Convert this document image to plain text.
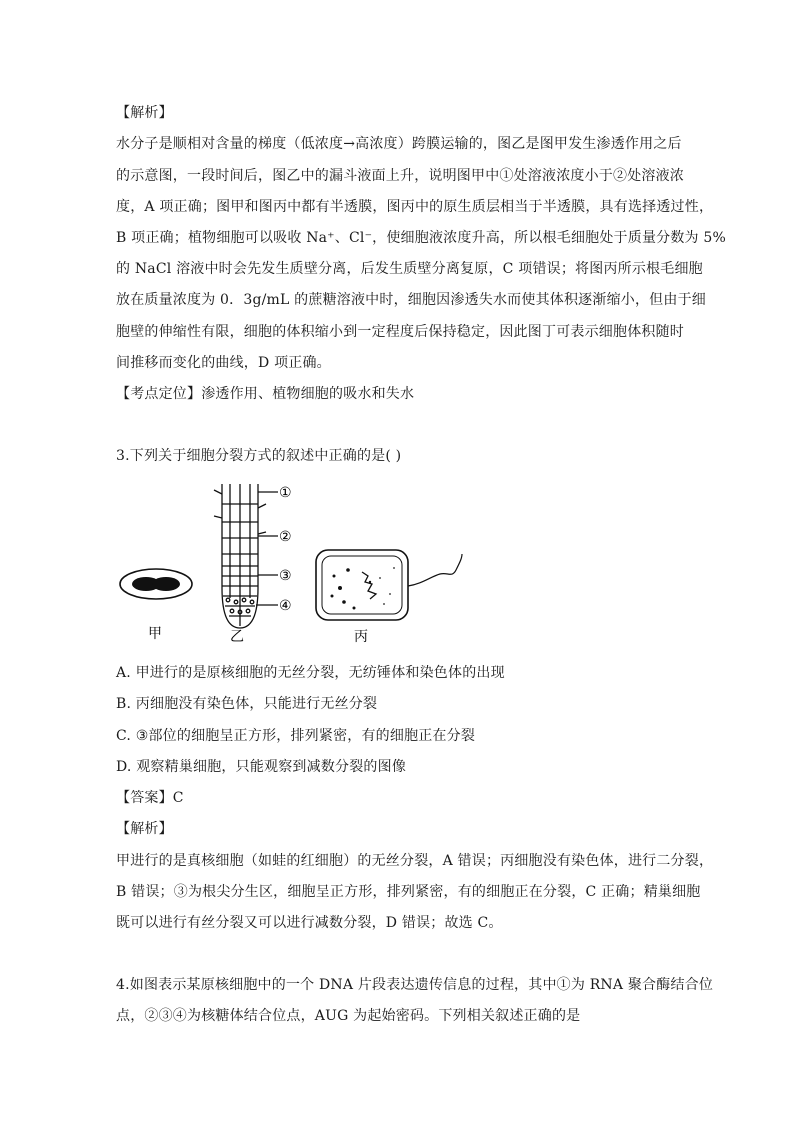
【解析】
水分子是顺相对含量的梯度（低浓度→高浓度）跨膜运输的，图乙是图甲发生渗透作用之后
的示意图，一段时间后，图乙中的漏斗液面上升，说明图甲中①处溶液浓度小于②处溶液浓
度，A 项正确；图甲和图丙中都有半透膜，图丙中的原生质层相当于半透膜，具有选择透过性，
B 项正确；植物细胞可以吸收 Na⁺、Cl⁻，使细胞液浓度升高，所以根毛细胞处于质量分数为 5%
的 NaCl 溶液中时会先发生质壁分离，后发生质壁分离复原，C 项错误；将图丙所示根毛细胞
放在质量浓度为 0．3g/mL 的蔗糖溶液中时，细胞因渗透失水而使其体积逐渐缩小，但由于细
胞壁的伸缩性有限，细胞的体积缩小到一定程度后保持稳定，因此图丁可表示细胞体积随时
间推移而变化的曲线，D 项正确。
【考点定位】渗透作用、植物细胞的吸水和失水
3.下列关于细胞分裂方式的叙述中正确的是( )
甲
①
②
③
④
乙	丙
A. 甲进行的是原核细胞的无丝分裂，无纺锤体和染色体的出现
B. 丙细胞没有染色体，只能进行无丝分裂
C. ③部位的细胞呈正方形，排列紧密，有的细胞正在分裂
D. 观察精巢细胞，只能观察到减数分裂的图像
【答案】C
【解析】
甲进行的是真核细胞（如蛙的红细胞）的无丝分裂，A 错误；丙细胞没有染色体，进行二分裂，
B 错误；③为根尖分生区，细胞呈正方形，排列紧密，有的细胞正在分裂，C 正确；精巢细胞
既可以进行有丝分裂又可以进行减数分裂，D 错误；故选 C。
4.如图表示某原核细胞中的一个 DNA 片段表达遗传信息的过程，其中①为 RNA 聚合酶结合位
点，②③④为核糖体结合位点，AUG 为起始密码。下列相关叙述正确的是
